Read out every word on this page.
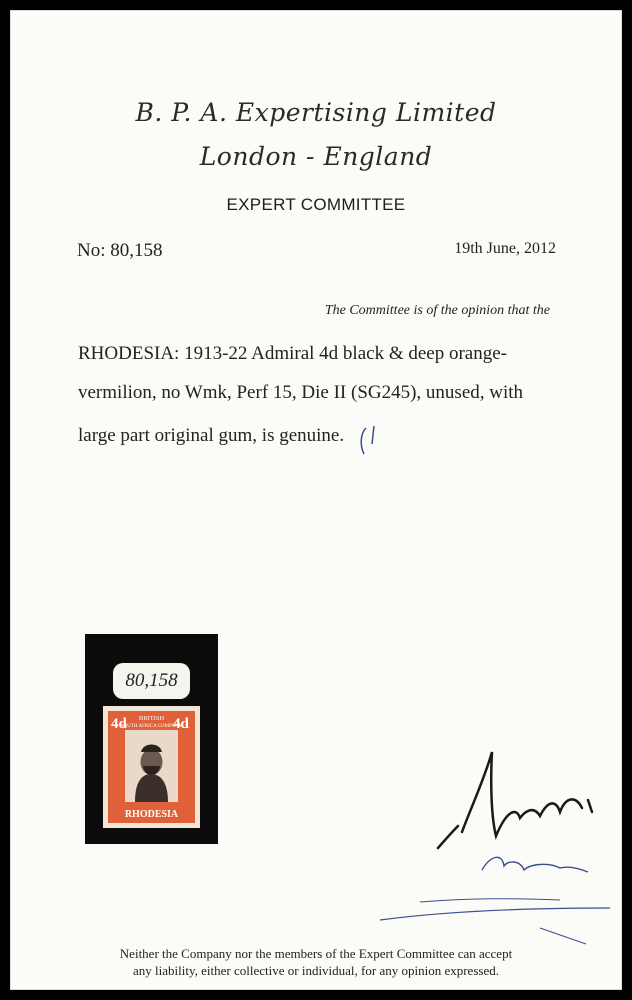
B. P. A. Expertising Limited
London - England
EXPERT COMMITTEE
No: 80,158	19th June, 2012
The Committee is of the opinion that the
RHODESIA: 1913-22 Admiral 4d black & deep orange-
vermilion, no Wmk, Perf 15, Die II (SG245), unused, with
large part original gum, is genuine.
80,158
4d	4d
BRITISH
SOUTH AFRICA COMPANY
RHODESIA
Neither the Company nor the members of the Expert Committee can accept
any liability, either collective or individual, for any opinion expressed.
